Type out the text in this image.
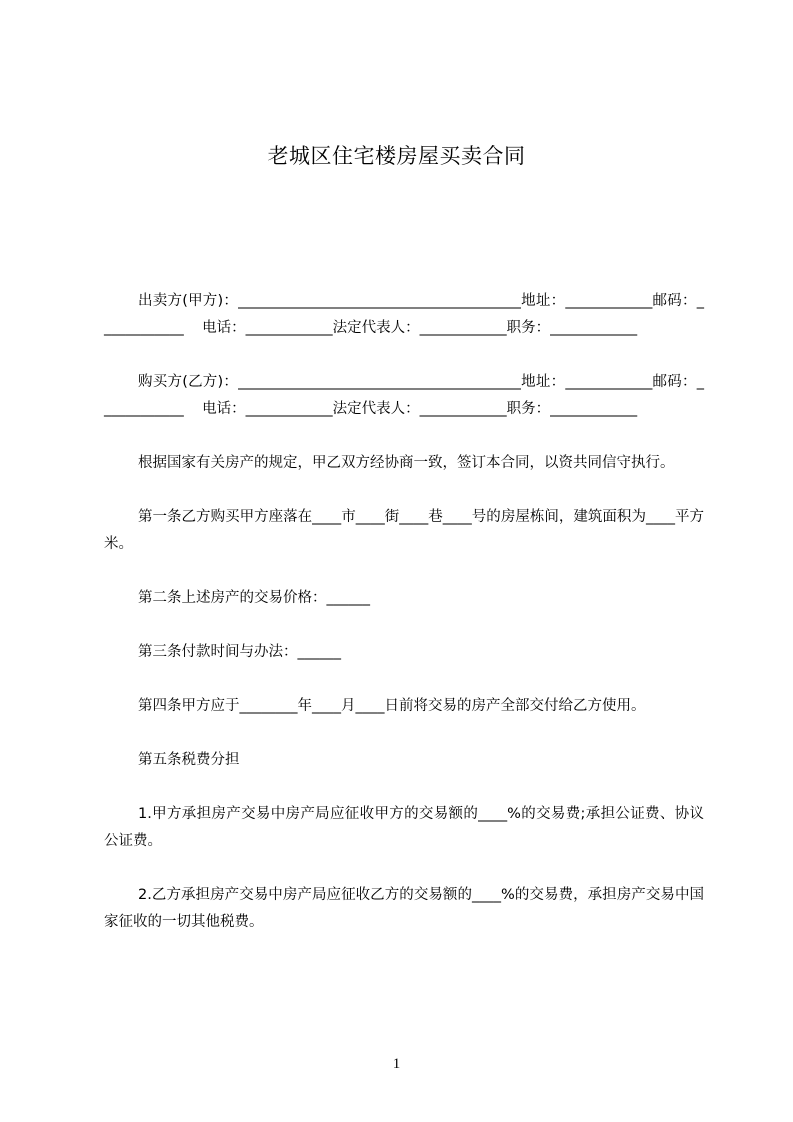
老城区住宅楼房屋买卖合同

出卖方(甲方)：_______________________________________地址：____________邮码：____________    电话：____________法定代表人：____________职务：____________

购买方(乙方)：_______________________________________地址：____________邮码：____________    电话：____________法定代表人：____________职务：____________

根据国家有关房产的规定，甲乙双方经协商一致，签订本合同，以资共同信守执行。

第一条乙方购买甲方座落在____市____街____巷____号的房屋栋间，建筑面积为____平方米。

第二条上述房产的交易价格：______

第三条付款时间与办法：______

第四条甲方应于________年____月____日前将交易的房产全部交付给乙方使用。

第五条税费分担

1.甲方承担房产交易中房产局应征收甲方的交易额的____%的交易费;承担公证费、协议公证费。

2.乙方承担房产交易中房产局应征收乙方的交易额的____%的交易费，承担房产交易中国家征收的一切其他税费。

1
